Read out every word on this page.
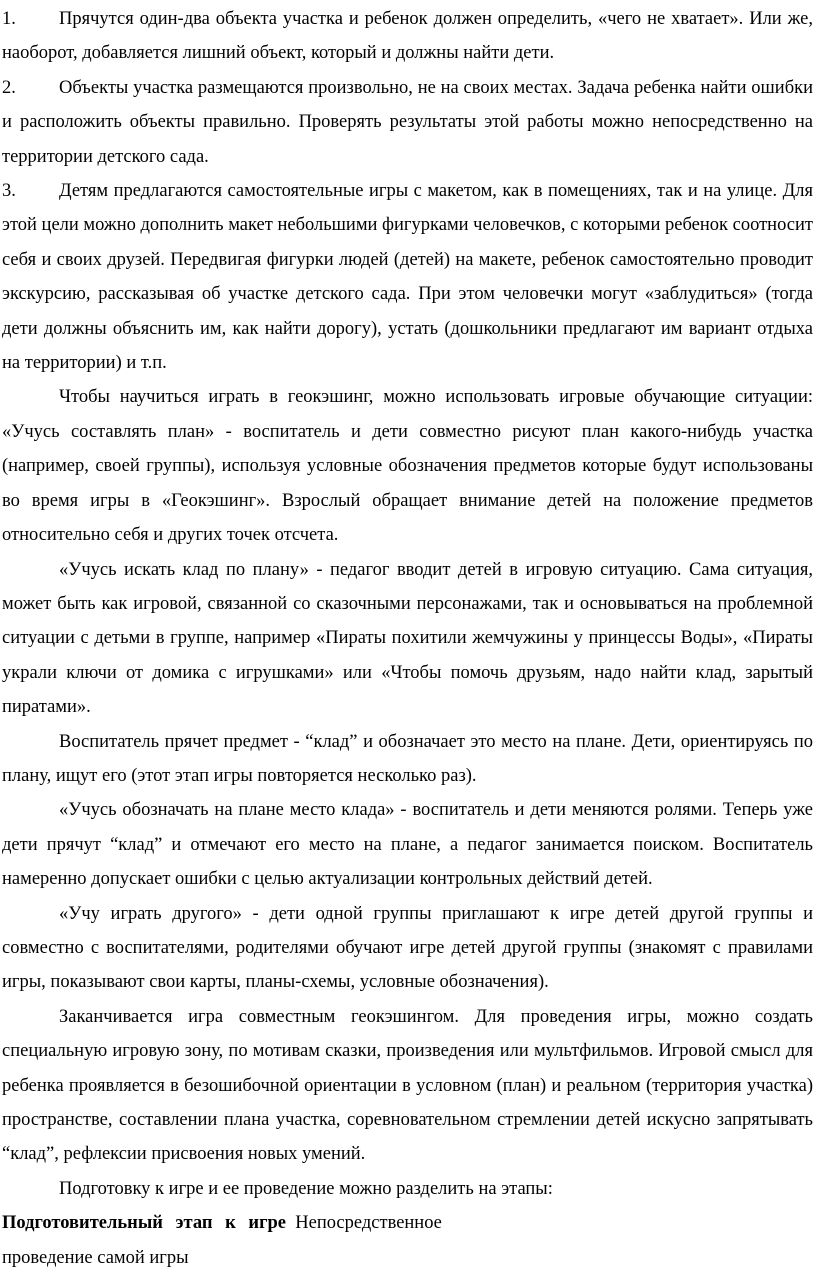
1. Прячутся один-два объекта участка и ребенок должен определить, «чего не хватает». Или же, наоборот, добавляется лишний объект, который и должны найти дети.

2. Объекты участка размещаются произвольно, не на своих местах. Задача ребенка найти ошибки и расположить объекты правильно. Проверять результаты этой работы можно непосредственно на территории детского сада.

3. Детям предлагаются самостоятельные игры с макетом, как в помещениях, так и на улице. Для этой цели можно дополнить макет небольшими фигурками человечков, с которыми ребенок соотносит себя и своих друзей. Передвигая фигурки людей (детей) на макете, ребенок самостоятельно проводит экскурсию, рассказывая об участке детского сада. При этом человечки могут «заблудиться» (тогда дети должны объяснить им, как найти дорогу), устать (дошкольники предлагают им вариант отдыха на территории) и т.п.

Чтобы научиться играть в геокэшинг, можно использовать игровые обучающие ситуации: «Учусь составлять план» - воспитатель и дети совместно рисуют план какого-нибудь участка (например, своей группы), используя условные обозначения предметов которые будут использованы во время игры в «Геокэшинг». Взрослый обращает внимание детей на положение предметов относительно себя и других точек отсчета.

«Учусь искать клад по плану» - педагог вводит детей в игровую ситуацию. Сама ситуация, может быть как игровой, связанной со сказочными персонажами, так и основываться на проблемной ситуации с детьми в группе, например «Пираты похитили жемчужины у принцессы Воды», «Пираты украли ключи от домика с игрушками» или «Чтобы помочь друзьям, надо найти клад, зарытый пиратами».

Воспитатель прячет предмет - “клад” и обозначает это место на плане. Дети, ориентируясь по плану, ищут его (этот этап игры повторяется несколько раз).

«Учусь обозначать на плане место клада» - воспитатель и дети меняются ролями. Теперь уже дети прячут “клад” и отмечают его место на плане, а педагог занимается поиском. Воспитатель намеренно допускает ошибки с целью актуализации контрольных действий детей.

«Учу играть другого» - дети одной группы приглашают к игре детей другой группы и совместно с воспитателями, родителями обучают игре детей другой группы (знакомят с правилами игры, показывают свои карты, планы-схемы, условные обозначения).

Заканчивается игра совместным геокэшингом. Для проведения игры, можно создать специальную игровую зону, по мотивам сказки, произведения или мультфильмов. Игровой смысл для ребенка проявляется в безошибочной ориентации в условном (план) и реальном (территория участка) пространстве, составлении плана участка, соревновательном стремлении детей искусно запрятывать “клад”, рефлексии присвоения новых умений.

Подготовку к игре и ее проведение можно разделить на этапы:

Подготовительный этап к игре Непосредственное

проведение самой игры
